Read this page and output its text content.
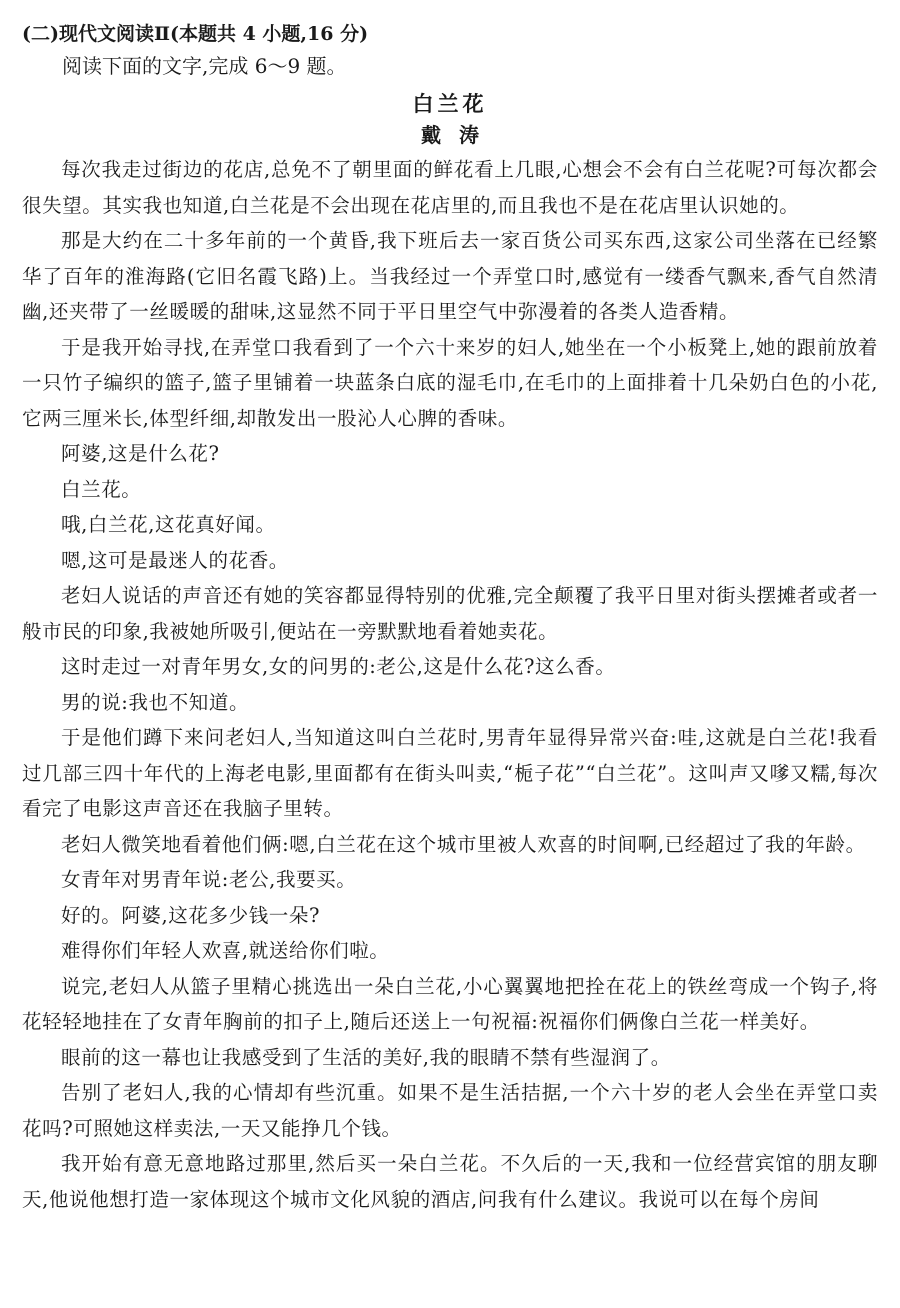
(二)现代文阅读Ⅱ(本题共 4 小题,16 分)

阅读下面的文字,完成 6～9 题。

白兰花

戴涛

每次我走过街边的花店,总免不了朝里面的鲜花看上几眼,心想会不会有白兰花呢?可每次都会很失望。其实我也知道,白兰花是不会出现在花店里的,而且我也不是在花店里认识她的。

那是大约在二十多年前的一个黄昏,我下班后去一家百货公司买东西,这家公司坐落在已经繁华了百年的淮海路(它旧名霞飞路)上。当我经过一个弄堂口时,感觉有一缕香气飘来,香气自然清幽,还夹带了一丝暖暖的甜味,这显然不同于平日里空气中弥漫着的各类人造香精。

于是我开始寻找,在弄堂口我看到了一个六十来岁的妇人,她坐在一个小板凳上,她的跟前放着一只竹子编织的篮子,篮子里铺着一块蓝条白底的湿毛巾,在毛巾的上面排着十几朵奶白色的小花,它两三厘米长,体型纤细,却散发出一股沁人心脾的香味。

阿婆,这是什么花?

白兰花。

哦,白兰花,这花真好闻。

嗯,这可是最迷人的花香。

老妇人说话的声音还有她的笑容都显得特别的优雅,完全颠覆了我平日里对街头摆摊者或者一般市民的印象,我被她所吸引,便站在一旁默默地看着她卖花。

这时走过一对青年男女,女的问男的:老公,这是什么花?这么香。

男的说:我也不知道。

于是他们蹲下来问老妇人,当知道这叫白兰花时,男青年显得异常兴奋:哇,这就是白兰花!我看过几部三四十年代的上海老电影,里面都有在街头叫卖,“栀子花”“白兰花”。这叫声又嗲又糯,每次看完了电影这声音还在我脑子里转。

老妇人微笑地看着他们俩:嗯,白兰花在这个城市里被人欢喜的时间啊,已经超过了我的年龄。

女青年对男青年说:老公,我要买。

好的。阿婆,这花多少钱一朵?

难得你们年轻人欢喜,就送给你们啦。

说完,老妇人从篮子里精心挑选出一朵白兰花,小心翼翼地把拴在花上的铁丝弯成一个钩子,将花轻轻地挂在了女青年胸前的扣子上,随后还送上一句祝福:祝福你们俩像白兰花一样美好。

眼前的这一幕也让我感受到了生活的美好,我的眼睛不禁有些湿润了。

告别了老妇人,我的心情却有些沉重。如果不是生活拮据,一个六十岁的老人会坐在弄堂口卖花吗?可照她这样卖法,一天又能挣几个钱。

我开始有意无意地路过那里,然后买一朵白兰花。不久后的一天,我和一位经营宾馆的朋友聊天,他说他想打造一家体现这个城市文化风貌的酒店,问我有什么建议。我说可以在每个房间
